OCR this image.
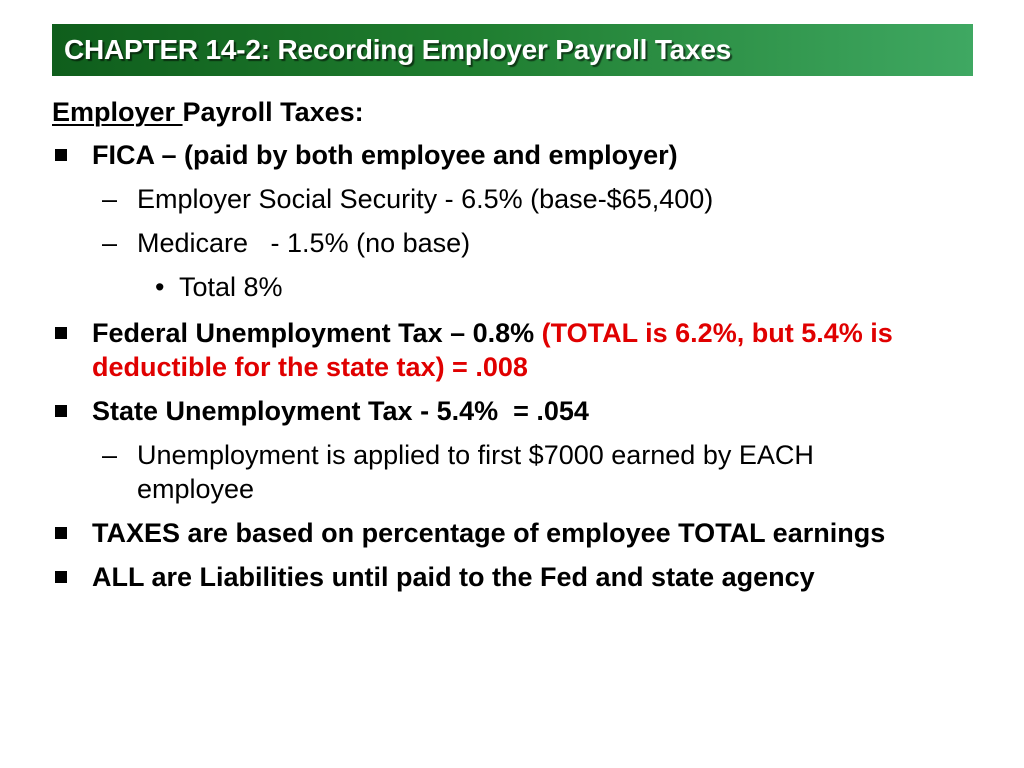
CHAPTER 14-2: Recording Employer Payroll Taxes
Employer Payroll Taxes:
FICA – (paid by both employee and employer)
– Employer Social Security - 6.5% (base-$65,400)
– Medicare   - 1.5% (no base)
• Total 8%
Federal Unemployment Tax – 0.8% (TOTAL is 6.2%, but 5.4% is deductible for the state tax) = .008
State Unemployment Tax - 5.4%  = .054
– Unemployment is applied to first $7000 earned by EACH employee
TAXES are based on percentage of employee TOTAL earnings
ALL are Liabilities until paid to the Fed and state agency
